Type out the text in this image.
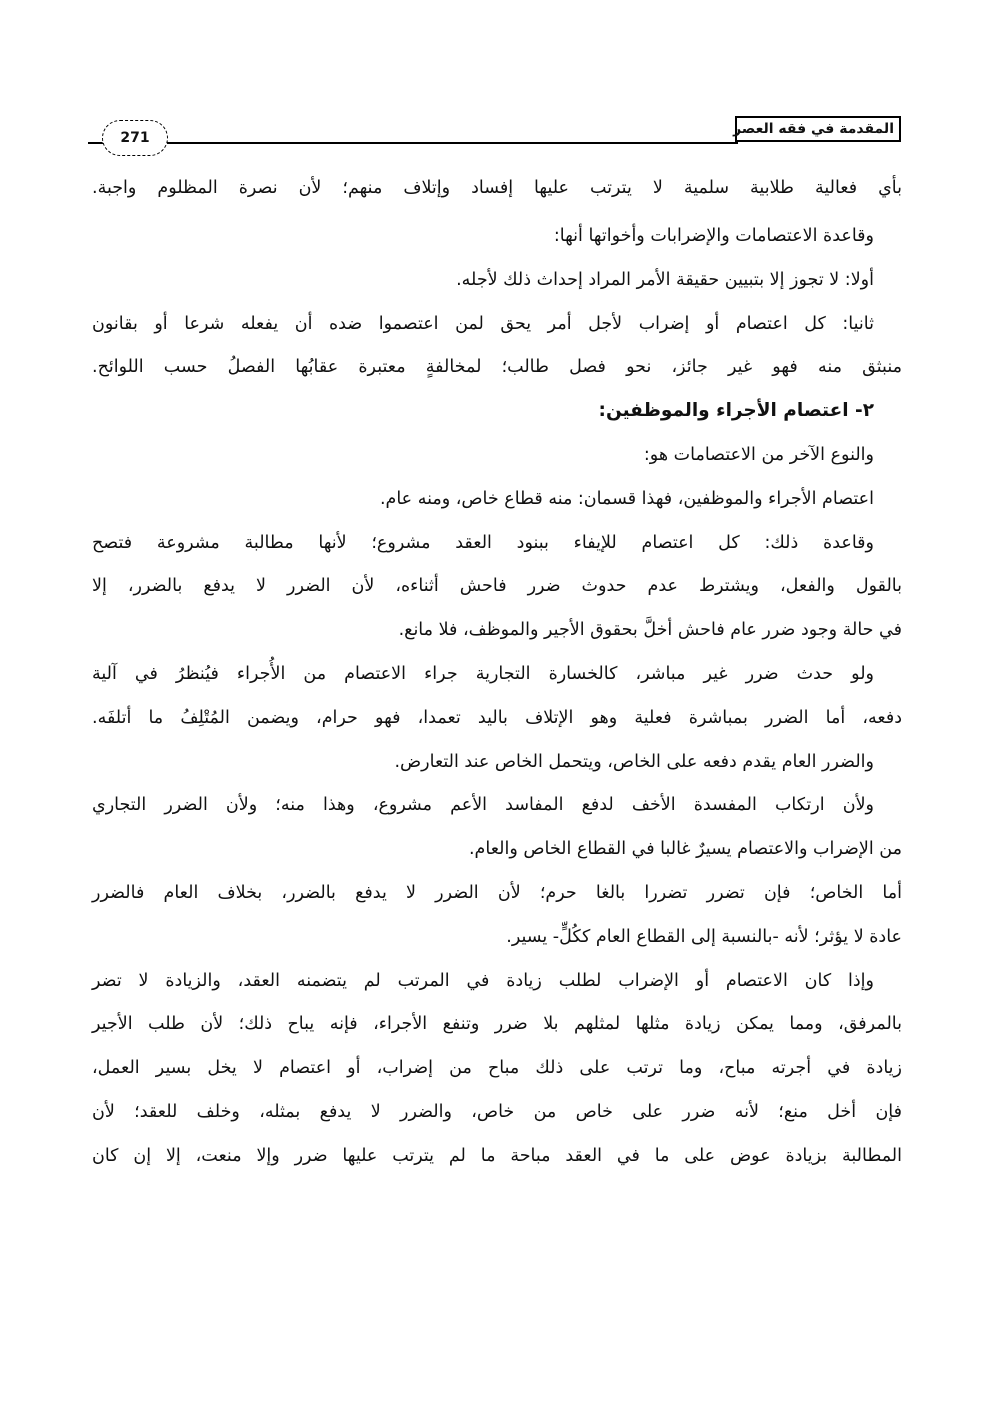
المقدمة في فقه العصر
271
بأي فعالية طلابية سلمية لا يترتب عليها إفساد وإتلاف منهم؛ لأن نصرة المظلوم واجبة.
وقاعدة الاعتصامات والإضرابات وأخواتها أنها:
أولا: لا تجوز إلا بتبيين حقيقة الأمر المراد إحداث ذلك لأجله.
ثانيا: كل اعتصام أو إضراب لأجل أمر يحق لمن اعتصموا ضده أن يفعله شرعا أو بقانون
منبثق منه فهو غير جائز، نحو فصل طالب؛ لمخالفةٍ معتبرة عقابُها الفصلُ حسب اللوائح.
٢- اعتصام الأجراء والموظفين:
والنوع الآخر من الاعتصامات هو:
اعتصام الأجراء والموظفين، فهذا قسمان: منه قطاع خاص، ومنه عام.
وقاعدة ذلك: كل اعتصام للإيفاء ببنود العقد مشروع؛ لأنها مطالبة مشروعة فتصح
بالقول والفعل، ويشترط عدم حدوث ضرر فاحش أثناءه، لأن الضرر لا يدفع بالضرر، إلا
في حالة وجود ضرر عام فاحش أخلَّ بحقوق الأجير والموظف، فلا مانع.
ولو حدث ضرر غير مباشر، كالخسارة التجارية جراء الاعتصام من الأُجراء فيُنظرُ في آلية
دفعه، أما الضرر بمباشرة فعلية وهو الإتلاف باليد تعمدا، فهو حرام، ويضمن المُتْلِفُ ما أتلفَه.
والضرر العام يقدم دفعه على الخاص، ويتحمل الخاص عند التعارض.
ولأن ارتكاب المفسدة الأخف لدفع المفاسد الأعم مشروع، وهذا منه؛ ولأن الضرر التجاري
من الإضراب والاعتصام يسيرٌ غالبا في القطاع الخاص والعام.
أما الخاص؛ فإن تضرر تضررا بالغا حرم؛ لأن الضرر لا يدفع بالضرر، بخلاف العام فالضرر
عادة لا يؤثر؛ لأنه -بالنسبة إلى القطاع العام ككُلٍّ- يسير.
وإذا كان الاعتصام أو الإضراب لطلب زيادة في المرتب لم يتضمنه العقد، والزيادة لا تضر
بالمرفق، ومما يمكن زيادة مثلها لمثلهم بلا ضرر وتنفع الأجراء، فإنه يباح ذلك؛ لأن طلب الأجير
زيادة في أجرته مباح، وما ترتب على ذلك مباح من إضراب، أو اعتصام لا يخل بسير العمل،
فإن أخل منع؛ لأنه ضرر على خاص من خاص، والضرر لا يدفع بمثله، وخلف للعقد؛ لأن
المطالبة بزيادة عوض على ما في العقد مباحة ما لم يترتب عليها ضرر وإلا منعت، إلا إن كان
